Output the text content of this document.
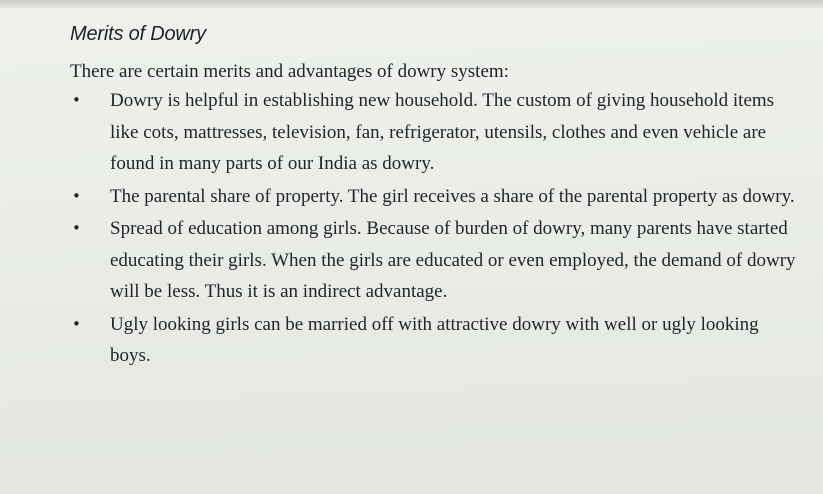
Merits of Dowry

There are certain merits and advantages of dowry system:

• Dowry is helpful in establishing new household. The custom of giving household items like cots, mattresses, television, fan, refrigerator, utensils, clothes and even vehicle are found in many parts of our India as dowry.
• The parental share of property. The girl receives a share of the parental property as dowry.
• Spread of education among girls. Because of burden of dowry, many parents have started educating their girls. When the girls are educated or even employed, the demand of dowry will be less. Thus it is an indirect advantage.
• Ugly looking girls can be married off with attractive dowry with well or ugly looking boys.
